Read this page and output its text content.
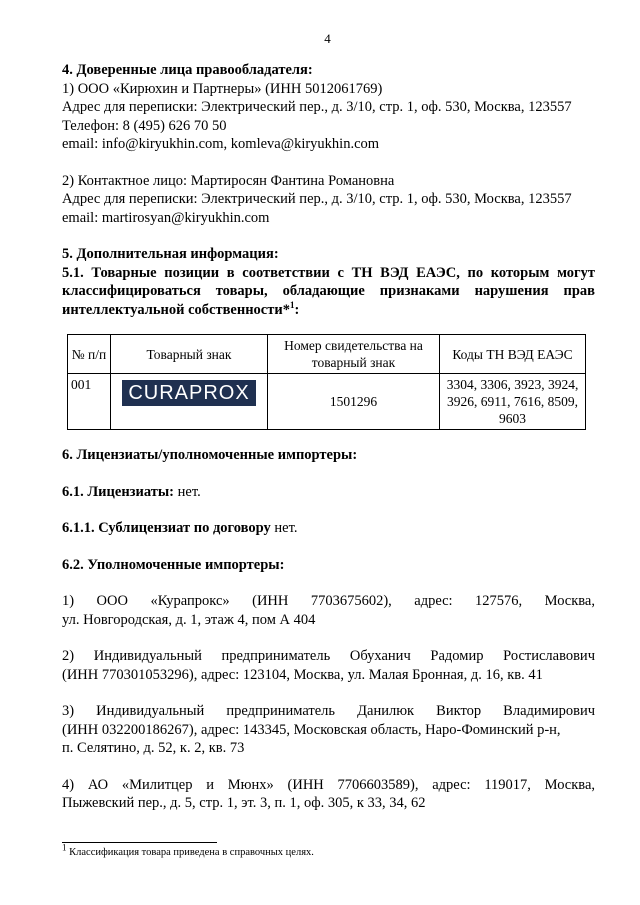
4

4. Доверенные лица правообладателя:

1) ООО «Кирюхин и Партнеры» (ИНН 5012061769)

Адрес для переписки: Электрический пер., д. 3/10, стр. 1, оф. 530, Москва, 123557

Телефон: 8 (495) 626 70 50

email: info@kiryukhin.com, komleva@kiryukhin.com

2) Контактное лицо: Мартиросян Фантина Романовна

Адрес для переписки: Электрический пер., д. 3/10, стр. 1, оф. 530, Москва, 123557

email: martirosyan@kiryukhin.com

5. Дополнительная информация:

5.1. Товарные позиции в соответствии с ТН ВЭД ЕАЭС, по которым могут

классифицироваться товары, обладающие признаками нарушения прав

интеллектуальной собственности*$^1$:

№ п/п	Товарный знак	Номер свидетельства на товарный знак	Коды ТН ВЭД ЕАЭС
001	CURAPROX	1501296	3304, 3306, 3923, 3924, 3926, 6911, 7616, 8509, 9603

6. Лицензиаты/уполномоченные импортеры:

6.1. Лицензиаты: нет.

6.1.1. Сублицензиат по договору нет.

6.2. Уполномоченные импортеры:

1) ООО «Курапрокс» (ИНН 7703675602), адрес: 127576, Москва,

ул. Новгородская, д. 1, этаж 4, пом А 404

2) Индивидуальный предприниматель Обуханич Радомир Ростиславович

(ИНН 770301053296), адрес: 123104, Москва, ул. Малая Бронная, д. 16, кв. 41

3) Индивидуальный предприниматель Данилюк Виктор Владимирович

(ИНН 032200186267), адрес: 143345, Московская область, Наро-Фоминский р-н,

п. Селятино, д. 52, к. 2, кв. 73

4) АО «Милитцер и Мюнх» (ИНН 7706603589), адрес: 119017, Москва,

Пыжевский пер., д. 5, стр. 1, эт. 3, п. 1, оф. 305, к 33, 34, 62

$^1$ Классификация товара приведена в справочных целях.
